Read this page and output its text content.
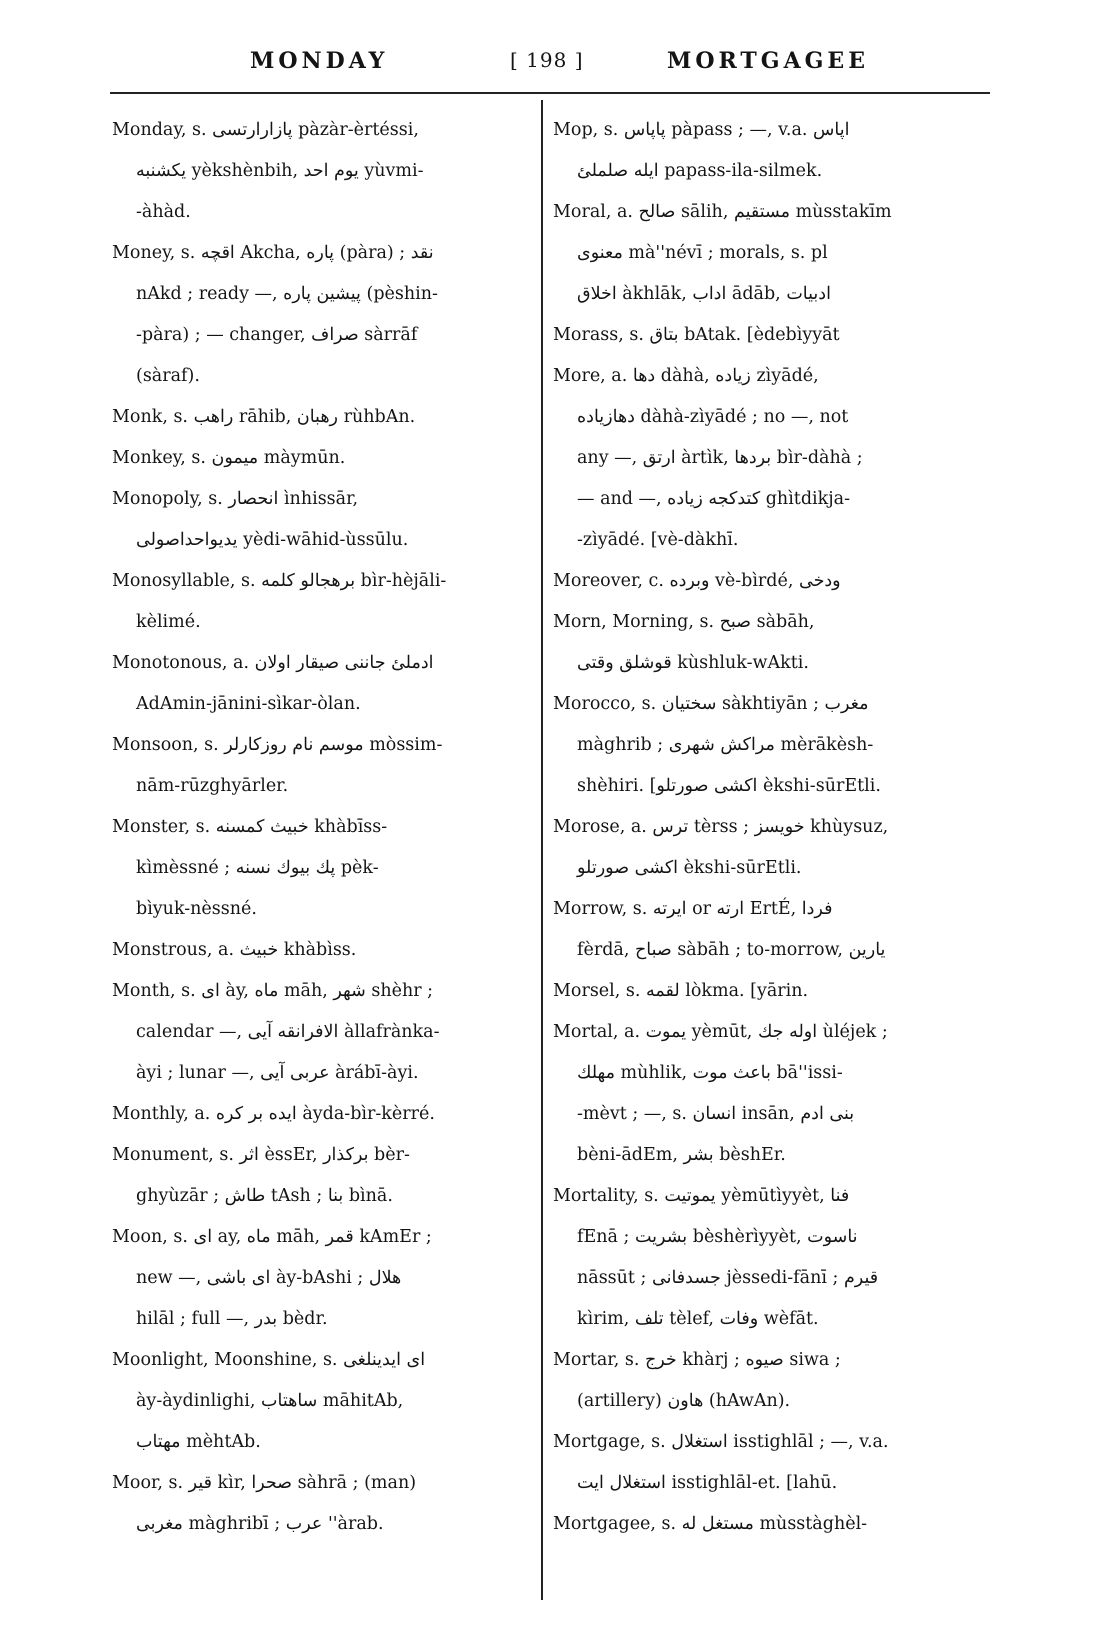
MONDAY	[ 198 ]	MORTGAGEE
Monday, s. پازارارتسی pàzàr-èrtéssi,
یکشنبه yèkshènbih, یوم احد yùvmi-
-àhàd.
Money, s. اقچه Akcha, پاره (pàra) ; نقد
nAkd ; ready —, پیشین پاره (pèshin-
-pàra) ; — changer, صراف sàrrāf
(sàraf).
Monk, s. راهب rāhib, رهبان rùhbAn.
Monkey, s. میمون màymūn.
Monopoly, s. انحصار ìnhissār,
یدیواحداصولی yèdi-wāhid-ùssūlu.
Monosyllable, s. برهجالو کلمه bìr-hèjāli-
kèlimé.
Monotonous, a. ادملئ جاننی صیقار اولان
AdAmin-jānini-sìkar-òlan.
Monsoon, s. موسم نام روزکارلر mòssim-
nām-rūzghyārler.
Monster, s. خبیث کمسنه khàbīss-
kìmèssné ; پك بیوك نسنه pèk-
bìyuk-nèssné.
Monstrous, a. خبیث khàbìss.
Month, s. ای ày, ماه māh, شهر shèhr ;
calendar —, الافرانقه آیی àllafrànka-
àyi ; lunar —, عربی آیی àrábī-àyi.
Monthly, a. ایده بر کره àyda-bìr-kèrré.
Monument, s. اثر èssEr, برکذار bèr-
ghyùzār ; طاش tAsh ; بنا bìnā.
Moon, s. ای ay, ماه māh, قمر kAmEr ;
new —, ای باشی ày-bAshi ; هلال
hilāl ; full —, بدر bèdr.
Moonlight, Moonshine, s. ای ایدینلغی
ày-àydinlighi, ساهتاب māhitAb,
مهتاب mèhtAb.
Moor, s. قیر kìr, صحرا sàhrā ; (man)
مغربی màghribī ; عرب ''àrab.
Mop, s. پاپاس pàpass ; —, v.a. اپاس
ایله صلملئ papass-ila-silmek.
Moral, a. صالح sālih, مستقیم mùsstakīm
معنوی mà''névī ; morals, s. pl
اخلاق àkhlāk, اداب ādāb, ادبیات
Morass, s. بتاق bAtak. [èdebìyyāt
More, a. دها dàhà, زیاده zìyādé,
دهازیاده dàhà-zìyādé ; no —, not
any —, ارتق àrtìk, بردها bìr-dàhà ;
— and —, کتدکجه زیاده ghìtdikja-
-zìyādé. [vè-dàkhī.
Moreover, c. وبرده vè-bìrdé, ودخی
Morn, Morning, s. صبح sàbāh,
قوشلق وقتی kùshluk-wAkti.
Morocco, s. سختیان sàkhtiyān ; مغرب
màghrib ; مراکش شهری mèrākèsh-
shèhiri. [اکشی صورتلو èkshi-sūrEtli.
Morose, a. ترس tèrss ; خویسز khùysuz,
اکشی صورتلو èkshi-sūrEtli.
Morrow, s. ایرته or ارته ErtÉ, فردا
fèrdā, صباح sàbāh ; to-morrow, یارین
Morsel, s. لقمه lòkma. [yārin.
Mortal, a. یموت yèmūt, اوله جك ùléjek ;
مهلك mùhlik, باعث موت bā''issi-
-mèvt ; —, s. انسان insān, بنی ادم
bèni-ādEm, بشر bèshEr.
Mortality, s. یموتیت yèmūtìyyèt, فنا
fEnā ; بشریت bèshèrìyyèt, ناسوت
nāssūt ; جسدفانی jèssedi-fānī ; قیرم
kìrim, تلف tèlef, وفات wèfāt.
Mortar, s. خرج khàrj ; صیوه siwa ;
(artillery) هاون (hAwAn).
Mortgage, s. استغلال isstighlāl ; —, v.a.
استغلال ایت isstighlāl-et. [lahū.
Mortgagee, s. مستغل له mùsstàghèl-
